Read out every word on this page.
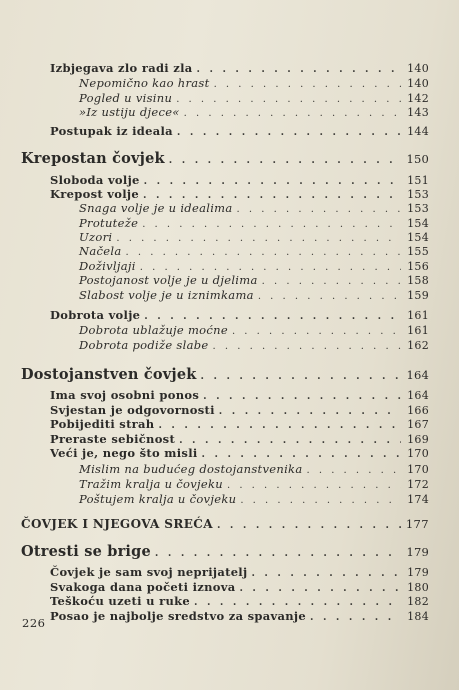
Izbjegava zlo radi zla . . .	140
Nepomično kao hrast . . .	140
Pogled u visinu . . .	142
»Iz ustiju djece« . . .	143
Postupak iz ideala . . .	144
Krepostan čovjek . . .	150
Sloboda volje . . .	151
Krepost volje . . .	153
Snaga volje je u idealima . . .	153
Protuteže . . .	154
Uzori . . .	154
Načela . . .	155
Doživljaji . . .	156
Postojanost volje je u djelima . . .	158
Slabost volje je u iznimkama . . .	159
Dobrota volje . . .	161
Dobrota ublažuje moćne . . .	161
Dobrota podiže slabe . . .	162
Dostojanstven čovjek . . .	164
Ima svoj osobni ponos . . .	164
Svjestan je odgovornosti . . .	166
Pobijediti strah . . .	167
Preraste sebičnost . . .	169
Veći je, nego što misli . . .	170
Mislim na budućeg dostojanstvenika . . .	170
Tražim kralja u čovjeku . . .	172
Poštujem kralja u čovjeku . . .	174
ČOVJEK I NJEGOVA SREĆA . . .	177
Otresti se brige . . .	179
Čovjek je sam svoj neprijatelj . . .	179
Svakoga dana početi iznova . . .	180
Teškoću uzeti u ruke . . .	182
Posao je najbolje sredstvo za spavanje . . .	184
226
